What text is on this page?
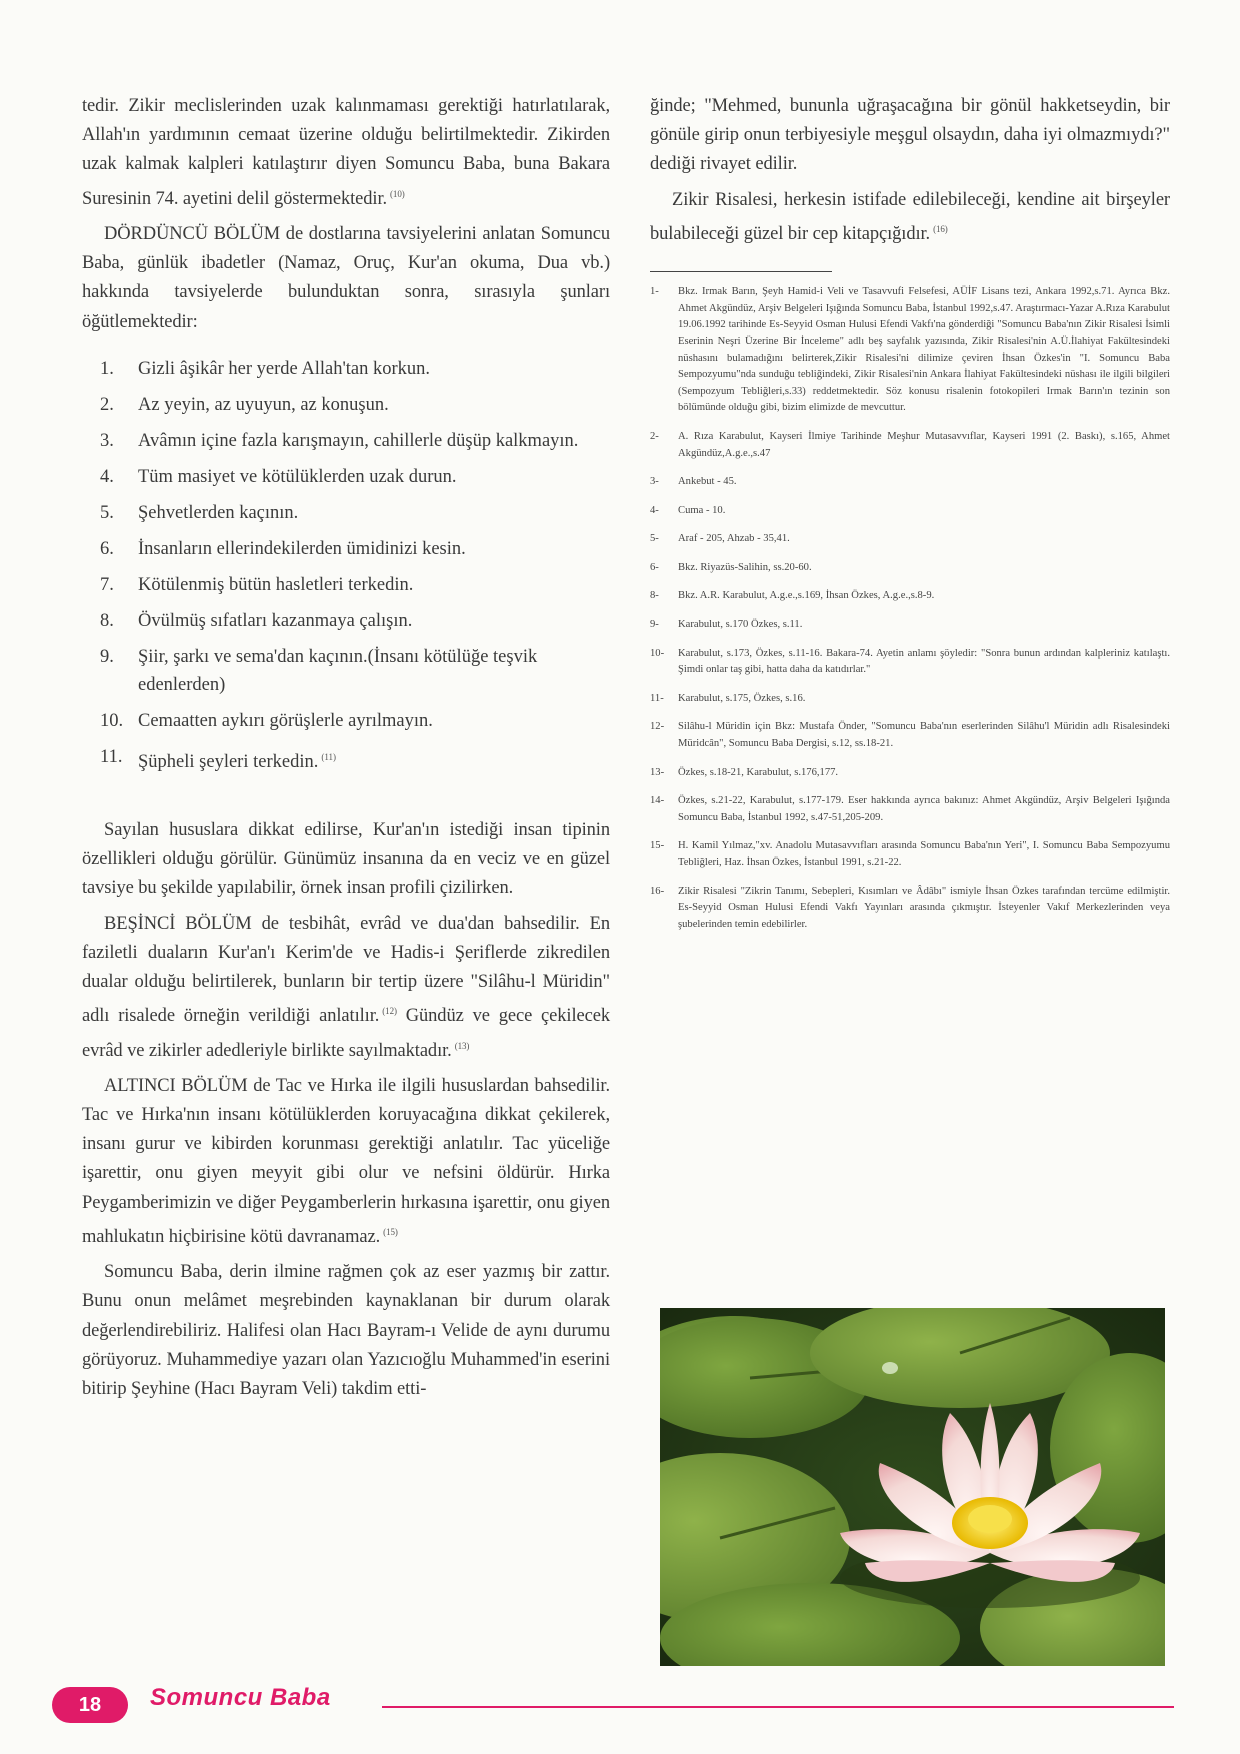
tedir. Zikir meclislerinden uzak kalınmaması gerektiği hatırlatılarak, Allah'ın yardımının cemaat üzerine olduğu belirtilmektedir. Zikirden uzak kalmak kalpleri katılaştırır diyen Somuncu Baba, buna Bakara Suresinin 74. ayetini delil göstermektedir. $^{(10)}$

DÖRDÜNCÜ BÖLÜM de dostlarına tavsiyelerini anlatan Somuncu Baba, günlük ibadetler (Namaz, Oruç, Kur'an okuma, Dua vb.) hakkında tavsiyelerde bulunduktan sonra, sırasıyla şunları öğütlemektedir:

1.	Gizli âşikâr her yerde Allah'tan korkun.
2.	Az yeyin, az uyuyun, az konuşun.
3.	Avâmın içine fazla karışmayın, cahillerle düşüp kalkmayın.
4.	Tüm masiyet ve kötülüklerden uzak durun.
5.	Şehvetlerden kaçının.
6.	İnsanların ellerindekilerden ümidinizi kesin.
7.	Kötülenmiş bütün hasletleri terkedin.
8.	Övülmüş sıfatları kazanmaya çalışın.
9.	Şiir, şarkı ve sema'dan kaçının.(İnsanı kötülüğe teşvik edenlerden)
10. Cemaatten aykırı görüşlerle ayrılmayın.
11. Şüpheli şeyleri terkedin. $^{(11)}$

Sayılan hususlara dikkat edilirse, Kur'an'ın istediği insan tipinin özellikleri olduğu görülür. Günümüz insanına da en veciz ve en güzel tavsiye bu şekilde yapılabilir, örnek insan profili çizilirken.

BEŞİNCİ BÖLÜM de tesbihât, evrâd ve dua'dan bahsedilir. En faziletli duaların Kur'an'ı Kerim'de ve Hadis-i Şeriflerde zikredilen dualar olduğu belirtilerek, bunların bir tertip üzere "Silâhu-l Müridin" adlı risalede örneğin verildiği anlatılır. $^{(12)}$ Gündüz ve gece çekilecek evrâd ve zikirler adedleriyle birlikte sayılmaktadır. $^{(13)}$

ALTINCI BÖLÜM de Tac ve Hırka ile ilgili hususlardan bahsedilir. Tac ve Hırka'nın insanı kötülüklerden koruyacağına dikkat çekilerek, insanı gurur ve kibirden korunması gerektiği anlatılır. Tac yüceliğe işarettir, onu giyen meyyit gibi olur ve nefsini öldürür. Hırka Peygamberimizin ve diğer Peygamberlerin hırkasına işarettir, onu giyen mahlukatın hiçbirisine kötü davranamaz. $^{(15)}$

Somuncu Baba, derin ilmine rağmen çok az eser yazmış bir zattır. Bunu onun melâmet meşrebinden kaynaklanan bir durum olarak değerlendirebiliriz. Halifesi olan Hacı Bayram-ı Velide de aynı durumu görüyoruz. Muhammediye yazarı olan Yazıcıoğlu Muhammed'in eserini bitirip Şeyhine (Hacı Bayram Veli) takdim etti-

ğinde; "Mehmed, bununla uğraşacağına bir gönül hakketseydin, bir gönüle girip onun terbiyesiyle meşgul olsaydın, daha iyi olmazmıydı?" dediği rivayet edilir.

Zikir Risalesi, herkesin istifade edilebileceği, kendine ait birşeyler bulabileceği güzel bir cep kitapçığıdır. $^{(16)}$

1-	Bkz. Irmak Barın, Şeyh Hamid-i Veli ve Tasavvufi Felsefesi, AÜİF Lisans tezi, Ankara 1992,s.71. Ayrıca Bkz. Ahmet Akgündüz, Arşiv Belgeleri Işığında Somuncu Baba, İstanbul 1992,s.47. Araştırmacı-Yazar A.Rıza Karabulut 19.06.1992 tarihinde Es-Seyyid Osman Hulusi Efendi Vakfı'na gönderdiği "Somuncu Baba'nın Zikir Risalesi İsimli Eserinin Neşri Üzerine Bir İnceleme" adlı beş sayfalık yazısında, Zikir Risalesi'nin A.Ü.İlahiyat Fakültesindeki nüshasını bulamadığını belirterek,Zikir Risalesi'ni dilimize çeviren İhsan Özkes'in "I. Somuncu Baba Sempozyumu"nda sunduğu tebliğindeki, Zikir Risalesi'nin Ankara İlahiyat Fakültesindeki nüshası ile ilgili bilgileri (Sempozyum Tebliğleri,s.33) reddetmektedir. Söz konusu risalenin fotokopileri Irmak Barın'ın tezinin son bölümünde olduğu gibi, bizim elimizde de mevcuttur.
2-	A. Rıza Karabulut, Kayseri İlmiye Tarihinde Meşhur Mutasavvıflar, Kayseri 1991 (2. Baskı), s.165, Ahmet Akgündüz,A.g.e.,s.47
3-	Ankebut - 45.
4-	Cuma - 10.
5-	Araf - 205, Ahzab - 35,41.
6-	Bkz. Riyazüs-Salihin, ss.20-60.
8-	Bkz. A.R. Karabulut, A.g.e.,s.169, İhsan Özkes, A.g.e.,s.8-9.
9-	Karabulut, s.170 Özkes, s.11.
10-	Karabulut, s.173, Özkes, s.11-16. Bakara-74. Ayetin anlamı şöyledir: "Sonra bunun ardından kalpleriniz katılaştı. Şimdi onlar taş gibi, hatta daha da katıdırlar."
11-	Karabulut, s.175, Özkes, s.16.
12-	Silâhu-l Müridin için Bkz: Mustafa Önder, "Somuncu Baba'nın eserlerinden Silâhu'l Müridin adlı Risalesindeki Müridcân", Somuncu Baba Dergisi, s.12, ss.18-21.
13-	Özkes, s.18-21, Karabulut, s.176,177.
14-	Özkes, s.21-22, Karabulut, s.177-179. Eser hakkında ayrıca bakınız: Ahmet Akgündüz, Arşiv Belgeleri Işığında Somuncu Baba, İstanbul 1992, s.47-51,205-209.
15-	H. Kamil Yılmaz,"xv. Anadolu Mutasavvıfları arasında Somuncu Baba'nın Yeri", I. Somuncu Baba Sempozyumu Tebliğleri, Haz. İhsan Özkes, İstanbul 1991, s.21-22.
16-	Zikir Risalesi "Zikrin Tanımı, Sebepleri, Kısımları ve Âdâbı" ismiyle İhsan Özkes tarafından tercüme edilmiştir. Es-Seyyid Osman Hulusi Efendi Vakfı Yayınları arasında çıkmıştır. İsteyenler Vakıf Merkezlerinden veya şubelerinden temin edebilirler.
18	Somuncu Baba
